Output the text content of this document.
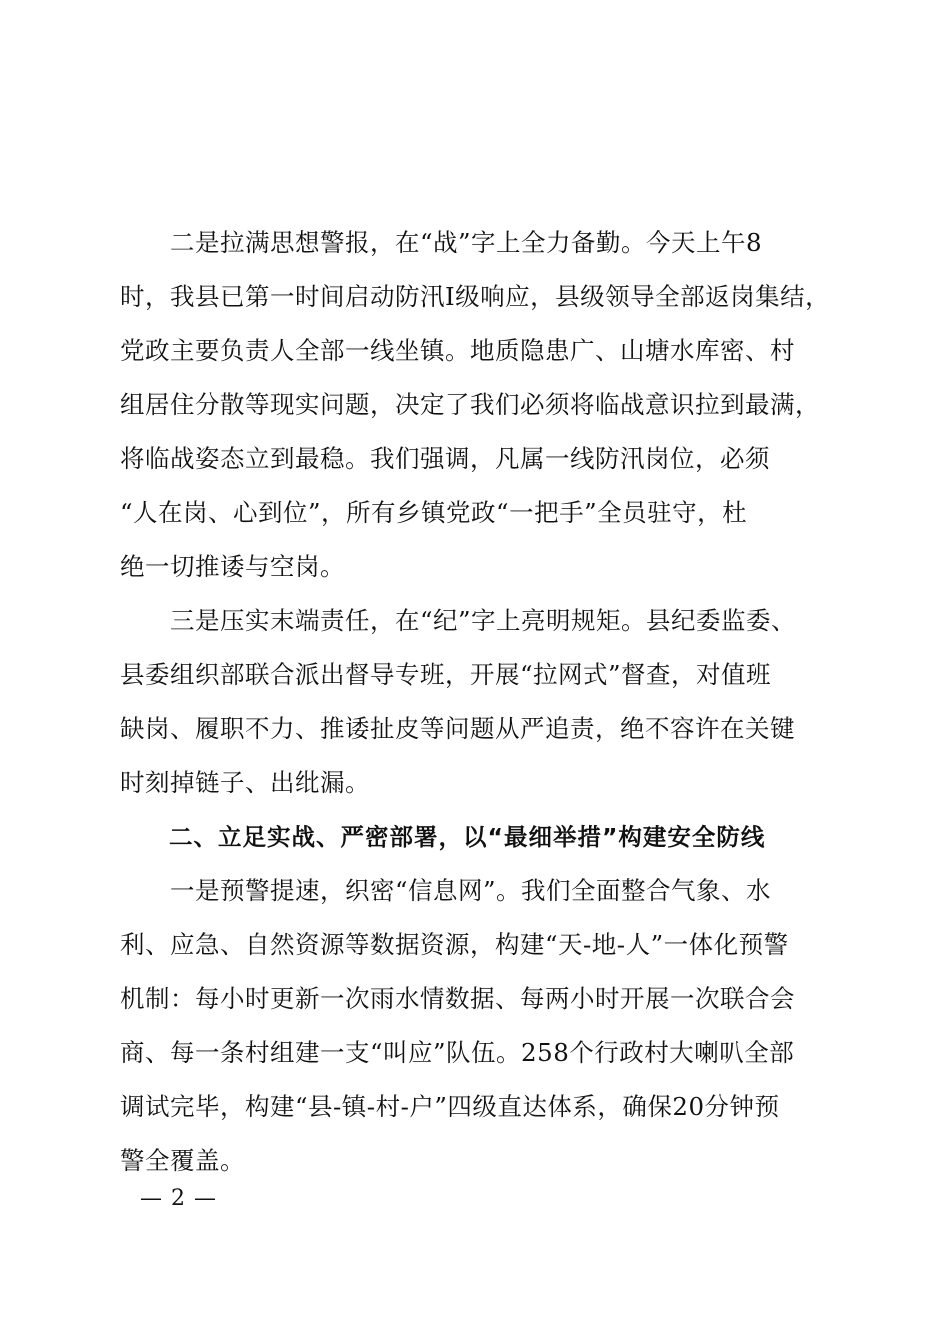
　　二是拉满思想警报，在“战”字上全力备勤。今天上午8
时，我县已第一时间启动防汛I级响应，县级领导全部返岗集结，
党政主要负责人全部一线坐镇。地质隐患广、山塘水库密、村
组居住分散等现实问题，决定了我们必须将临战意识拉到最满，
将临战姿态立到最稳。我们强调，凡属一线防汛岗位，必须
“人在岗、心到位”，所有乡镇党政“一把手”全员驻守，杜
绝一切推诿与空岗。
　　三是压实末端责任，在“纪”字上亮明规矩。县纪委监委、
县委组织部联合派出督导专班，开展“拉网式”督查，对值班
缺岗、履职不力、推诿扯皮等问题从严追责，绝不容许在关键
时刻掉链子、出纰漏。
　　二、立足实战、严密部署，以“最细举措”构建安全防线
　　一是预警提速，织密“信息网”。我们全面整合气象、水
利、应急、自然资源等数据资源，构建“天-地-人”一体化预警
机制：每小时更新一次雨水情数据、每两小时开展一次联合会
商、每一条村组建一支“叫应”队伍。258个行政村大喇叭全部
调试完毕，构建“县-镇-村-户”四级直达体系，确保20分钟预
警全覆盖。
— 2 —
